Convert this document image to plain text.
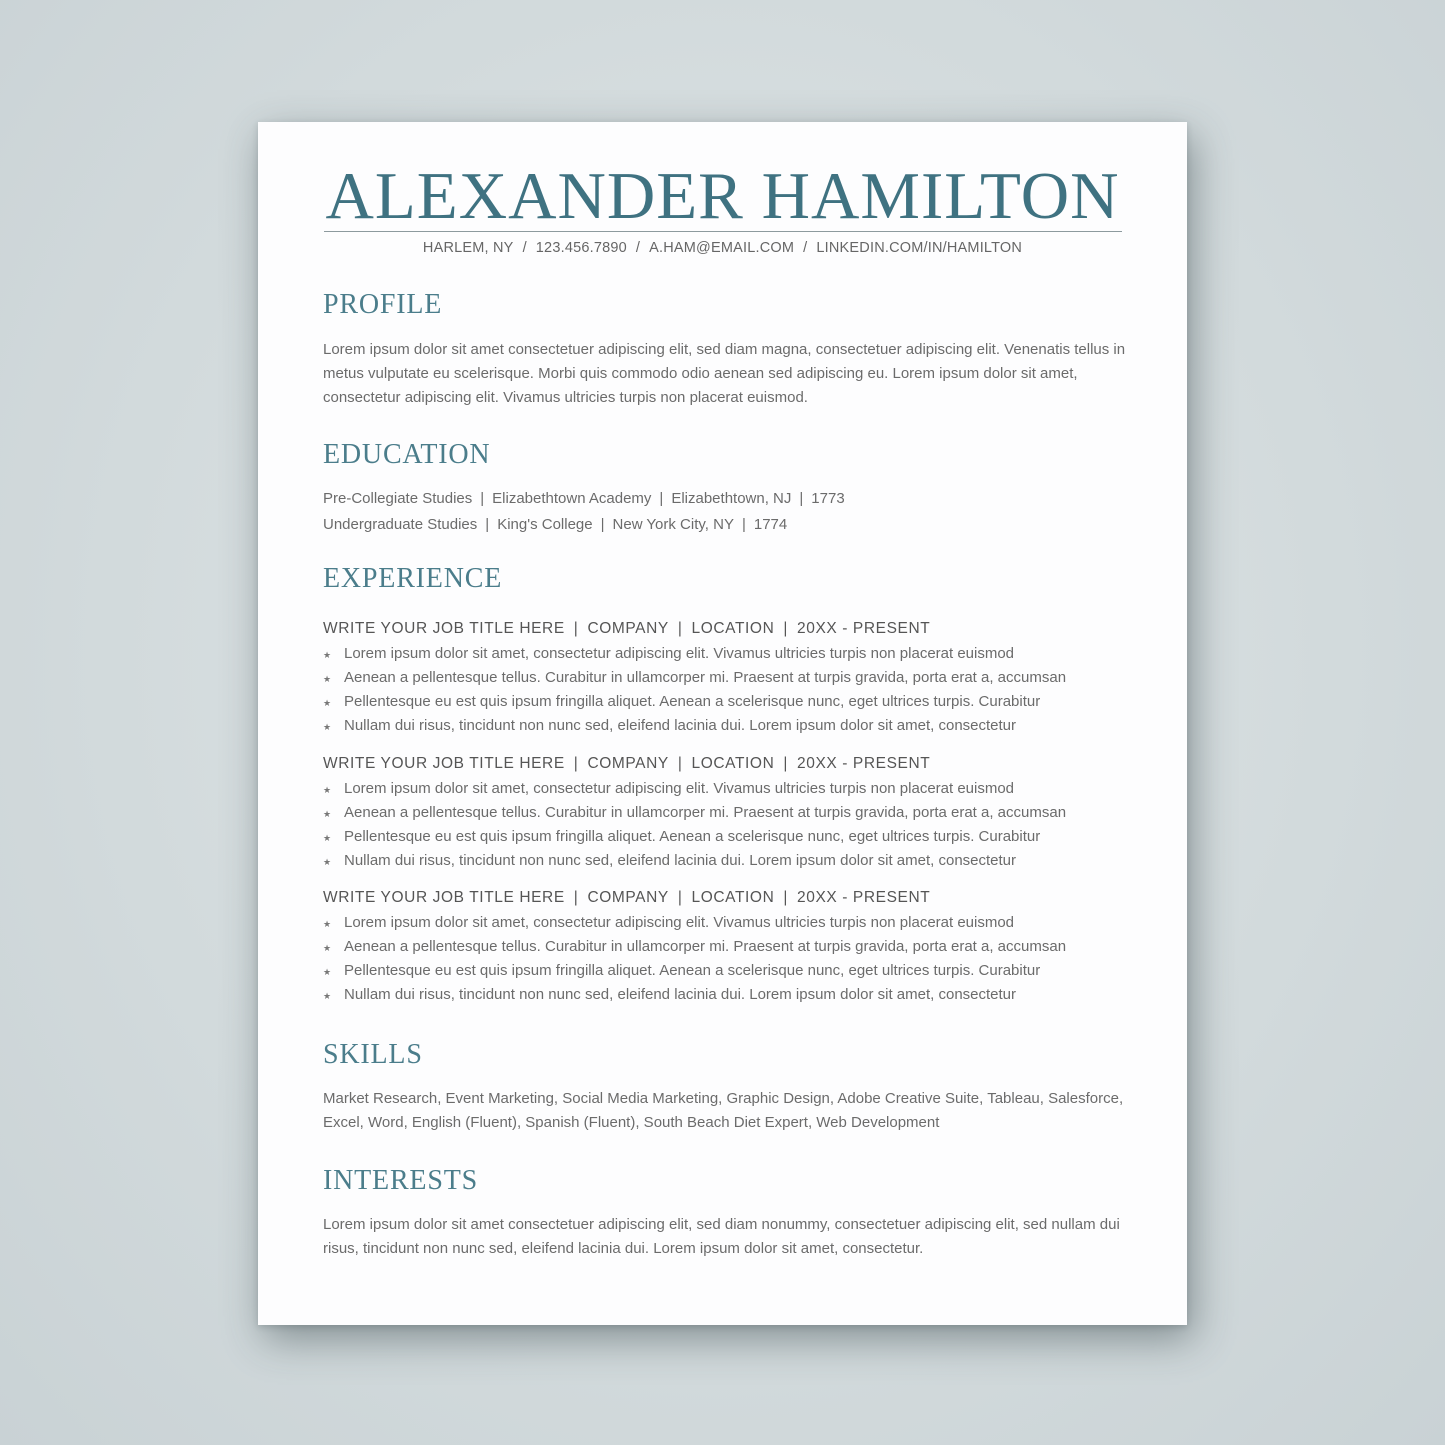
ALEXANDER HAMILTON
HARLEM, NY / 123.456.7890 / A.HAM@EMAIL.COM / LINKEDIN.COM/IN/HAMILTON
PROFILE
Lorem ipsum dolor sit amet consectetuer adipiscing elit, sed diam magna, consectetuer adipiscing elit. Venenatis tellus in metus vulputate eu scelerisque. Morbi quis commodo odio aenean sed adipiscing eu. Lorem ipsum dolor sit amet, consectetur adipiscing elit. Vivamus ultricies turpis non placerat euismod.
EDUCATION
Pre-Collegiate Studies | Elizabethtown Academy | Elizabethtown, NJ | 1773
Undergraduate Studies | King's College | New York City, NY | 1774
EXPERIENCE
WRITE YOUR JOB TITLE HERE | COMPANY | LOCATION | 20XX - PRESENT
★ Lorem ipsum dolor sit amet, consectetur adipiscing elit. Vivamus ultricies turpis non placerat euismod
★ Aenean a pellentesque tellus. Curabitur in ullamcorper mi. Praesent at turpis gravida, porta erat a, accumsan
★ Pellentesque eu est quis ipsum fringilla aliquet. Aenean a scelerisque nunc, eget ultrices turpis. Curabitur
★ Nullam dui risus, tincidunt non nunc sed, eleifend lacinia dui. Lorem ipsum dolor sit amet, consectetur
WRITE YOUR JOB TITLE HERE | COMPANY | LOCATION | 20XX - PRESENT
★ Lorem ipsum dolor sit amet, consectetur adipiscing elit. Vivamus ultricies turpis non placerat euismod
★ Aenean a pellentesque tellus. Curabitur in ullamcorper mi. Praesent at turpis gravida, porta erat a, accumsan
★ Pellentesque eu est quis ipsum fringilla aliquet. Aenean a scelerisque nunc, eget ultrices turpis. Curabitur
★ Nullam dui risus, tincidunt non nunc sed, eleifend lacinia dui. Lorem ipsum dolor sit amet, consectetur
WRITE YOUR JOB TITLE HERE | COMPANY | LOCATION | 20XX - PRESENT
★ Lorem ipsum dolor sit amet, consectetur adipiscing elit. Vivamus ultricies turpis non placerat euismod
★ Aenean a pellentesque tellus. Curabitur in ullamcorper mi. Praesent at turpis gravida, porta erat a, accumsan
★ Pellentesque eu est quis ipsum fringilla aliquet. Aenean a scelerisque nunc, eget ultrices turpis. Curabitur
★ Nullam dui risus, tincidunt non nunc sed, eleifend lacinia dui. Lorem ipsum dolor sit amet, consectetur
SKILLS
Market Research, Event Marketing, Social Media Marketing, Graphic Design, Adobe Creative Suite, Tableau, Salesforce, Excel, Word, English (Fluent), Spanish (Fluent), South Beach Diet Expert, Web Development
INTERESTS
Lorem ipsum dolor sit amet consectetuer adipiscing elit, sed diam nonummy, consectetuer adipiscing elit, sed nullam dui risus, tincidunt non nunc sed, eleifend lacinia dui. Lorem ipsum dolor sit amet, consectetur.
